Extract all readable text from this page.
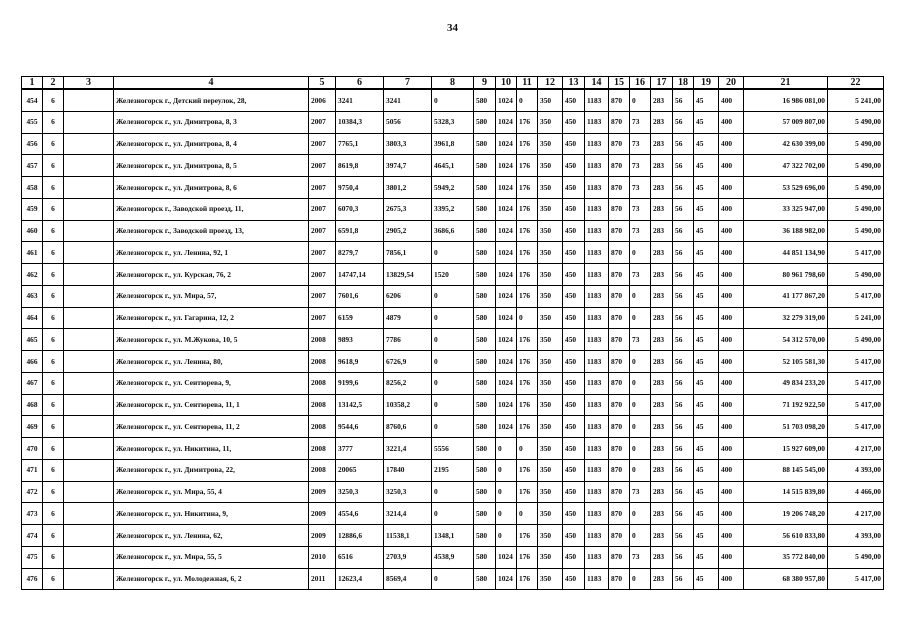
34
1	2	3	4	5	6	7	8	9	10	11	12	13	14	15	16	17	18	19	20	21	22
454	6		Железногорск г., Детский переулок, 28,	2006	3241	3241	0	580	1024	0	350	450	1183	870	0	283	56	45	400	16 986 081,00	5 241,00
455	6		Железногорск г., ул. Димитрова, 8, 3	2007	10384,3	5056	5328,3	580	1024	176	350	450	1183	870	73	283	56	45	400	57 009 807,00	5 490,00
456	6		Железногорск г., ул. Димитрова, 8, 4	2007	7765,1	3803,3	3961,8	580	1024	176	350	450	1183	870	73	283	56	45	400	42 630 399,00	5 490,00
457	6		Железногорск г., ул. Димитрова, 8, 5	2007	8619,8	3974,7	4645,1	580	1024	176	350	450	1183	870	73	283	56	45	400	47 322 702,00	5 490,00
458	6		Железногорск г., ул. Димитрова, 8, 6	2007	9750,4	3801,2	5949,2	580	1024	176	350	450	1183	870	73	283	56	45	400	53 529 696,00	5 490,00
459	6		Железногорск г., Заводской проезд, 11,	2007	6070,3	2675,3	3395,2	580	1024	176	350	450	1183	870	73	283	56	45	400	33 325 947,00	5 490,00
460	6		Железногорск г., Заводской проезд, 13,	2007	6591,8	2905,2	3686,6	580	1024	176	350	450	1183	870	73	283	56	45	400	36 188 982,00	5 490,00
461	6		Железногорск г., ул. Ленина, 92, 1	2007	8279,7	7856,1	0	580	1024	176	350	450	1183	870	0	283	56	45	400	44 851 134,90	5 417,00
462	6		Железногорск г., ул. Курская, 76, 2	2007	14747,14	13829,54	1520	580	1024	176	350	450	1183	870	73	283	56	45	400	80 961 798,60	5 490,00
463	6		Железногорск г., ул. Мира, 57,	2007	7601,6	6206	0	580	1024	176	350	450	1183	870	0	283	56	45	400	41 177 867,20	5 417,00
464	6		Железногорск г., ул. Гагарина, 12, 2	2007	6159	4879	0	580	1024	0	350	450	1183	870	0	283	56	45	400	32 279 319,00	5 241,00
465	6		Железногорск г., ул. М.Жукова, 10, 5	2008	9893	7786	0	580	1024	176	350	450	1183	870	73	283	56	45	400	54 312 570,00	5 490,00
466	6		Железногорск г., ул. Ленина, 80,	2008	9618,9	6726,9	0	580	1024	176	350	450	1183	870	0	283	56	45	400	52 105 581,30	5 417,00
467	6		Железногорск г., ул. Сентюрева, 9,	2008	9199,6	8256,2	0	580	1024	176	350	450	1183	870	0	283	56	45	400	49 834 233,20	5 417,00
468	6		Железногорск г., ул. Сентюрева, 11, 1	2008	13142,5	10358,2	0	580	1024	176	350	450	1183	870	0	283	56	45	400	71 192 922,50	5 417,00
469	6		Железногорск г., ул. Сентюрева, 11, 2	2008	9544,6	8760,6	0	580	1024	176	350	450	1183	870	0	283	56	45	400	51 703 098,20	5 417,00
470	6		Железногорск г., ул. Никитина, 11,	2008	3777	3221,4	5556	580	0	0	350	450	1183	870	0	283	56	45	400	15 927 609,00	4 217,00
471	6		Железногорск г., ул. Димитрова, 22,	2008	20065	17840	2195	580	0	176	350	450	1183	870	0	283	56	45	400	88 145 545,00	4 393,00
472	6		Железногорск г., ул. Мира, 55, 4	2009	3250,3	3250,3	0	580	0	176	350	450	1183	870	73	283	56	45	400	14 515 839,80	4 466,00
473	6		Железногорск г., ул. Никитина, 9,	2009	4554,6	3214,4	0	580	0	0	350	450	1183	870	0	283	56	45	400	19 206 748,20	4 217,00
474	6		Железногорск г., ул. Ленина, 62,	2009	12886,6	11538,1	1348,1	580	0	176	350	450	1183	870	0	283	56	45	400	56 610 833,80	4 393,00
475	6		Железногорск г., ул. Мира, 55, 5	2010	6516	2703,9	4538,9	580	1024	176	350	450	1183	870	73	283	56	45	400	35 772 840,00	5 490,00
476	6		Железногорск г., ул. Молодежная, 6, 2	2011	12623,4	8569,4	0	580	1024	176	350	450	1183	870	0	283	56	45	400	68 380 957,80	5 417,00
